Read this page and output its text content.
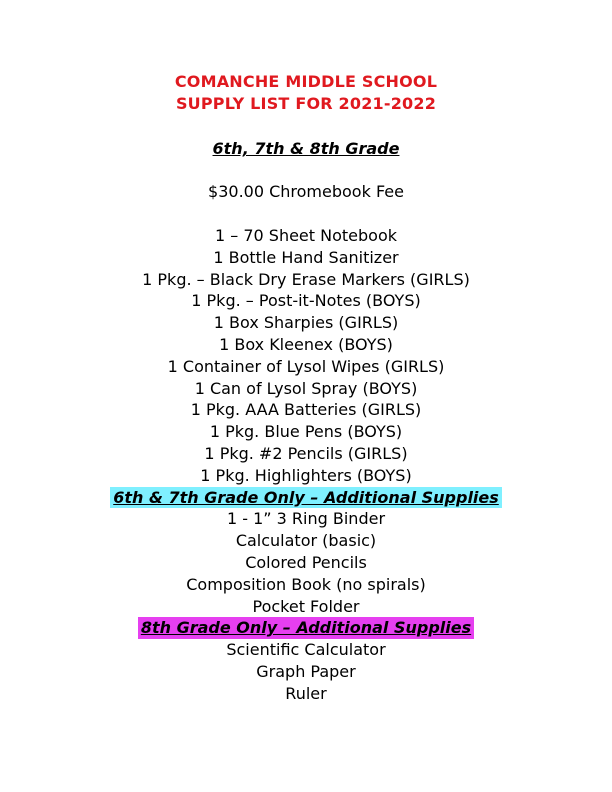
COMANCHE MIDDLE SCHOOL
SUPPLY LIST FOR 2021-2022
6th, 7th & 8th Grade
$30.00 Chromebook Fee
1 – 70 Sheet Notebook
1 Bottle Hand Sanitizer
1 Pkg. – Black Dry Erase Markers (GIRLS)
1 Pkg. – Post-it-Notes (BOYS)
1 Box Sharpies (GIRLS)
1 Box Kleenex (BOYS)
1 Container of Lysol Wipes (GIRLS)
1 Can of Lysol Spray (BOYS)
1 Pkg. AAA Batteries (GIRLS)
1 Pkg. Blue Pens (BOYS)
1 Pkg. #2 Pencils (GIRLS)
1 Pkg. Highlighters (BOYS)
6th & 7th Grade Only – Additional Supplies
1 - 1” 3 Ring Binder
Calculator (basic)
Colored Pencils
Composition Book (no spirals)
Pocket Folder
8th Grade Only – Additional Supplies
Scientific Calculator
Graph Paper
Ruler
